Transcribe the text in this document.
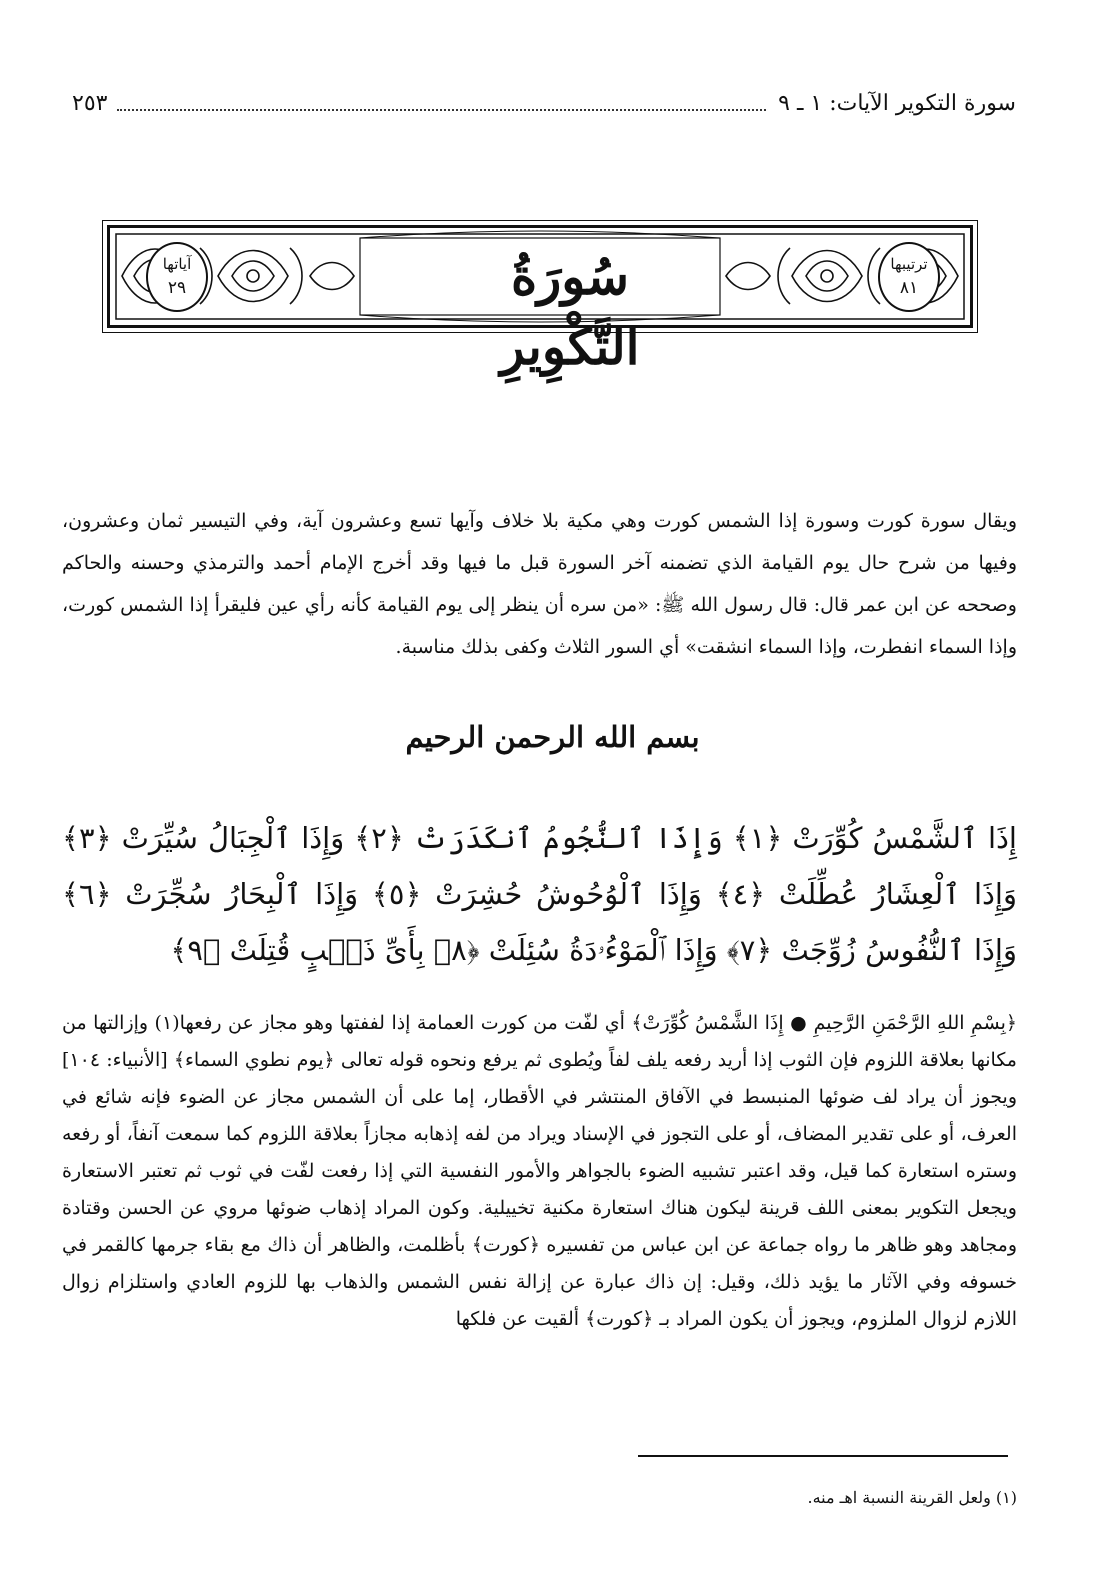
سورة التكوير الآيات: ١ ـ ٩
٢٥٣
سُورَةُ التَّكْوِيرِ
ترتيبها
٨١
آياتها
٢٩

ويقال سورة كورت وسورة إذا الشمس كورت وهي مكية بلا خلاف وآيها تسع وعشرون آية، وفي التيسير ثمان وعشرون، وفيها من شرح حال يوم القيامة الذي تضمنه آخر السورة قبل ما فيها وقد أخرج الإمام أحمد والترمذي وحسنه والحاكم وصححه عن ابن عمر قال: قال رسول الله ﷺ: «من سره أن ينظر إلى يوم القيامة كأنه رأي عين فليقرأ إذا الشمس كورت، وإذا السماء انفطرت، وإذا السماء انشقت» أي السور الثلاث وكفى بذلك مناسبة.

بسم الله الرحمن الرحيم

إِذَا ٱلشَّمْسُ كُوِّرَتْ ﴿١﴾ وَإِذَا ٱلنُّجُومُ ٱنكَدَرَتْ ﴿٢﴾ وَإِذَا ٱلْجِبَالُ سُيِّرَتْ ﴿٣﴾ وَإِذَا ٱلْعِشَارُ عُطِّلَتْ ﴿٤﴾ وَإِذَا ٱلْوُحُوشُ حُشِرَتْ ﴿٥﴾ وَإِذَا ٱلْبِحَارُ سُجِّرَتْ ﴿٦﴾ وَإِذَا ٱلنُّفُوسُ زُوِّجَتْ ﴿٧﴾ وَإِذَا ٱلْمَوْءُۥدَةُ سُئِلَتْ ﴿٨﴾ بِأَىِّ ذَنۢبٍ قُتِلَتْ ﴿٩﴾

﴿بِسْمِ اللهِ الرَّحْمَنِ الرَّحِيمِ ● إِذَا الشَّمْسُ كُوِّرَتْ﴾ أي لفّت من كورت العمامة إذا لففتها وهو مجاز عن رفعها(١) وإزالتها من مكانها بعلاقة اللزوم فإن الثوب إذا أريد رفعه يلف لفاً ويُطوى ثم يرفع ونحوه قوله تعالى ﴿يوم نطوي السماء﴾ [الأنبياء: ١٠٤] ويجوز أن يراد لف ضوئها المنبسط في الآفاق المنتشر في الأقطار، إما على أن الشمس مجاز عن الضوء فإنه شائع في العرف، أو على تقدير المضاف، أو على التجوز في الإسناد ويراد من لفه إذهابه مجازاً بعلاقة اللزوم كما سمعت آنفاً، أو رفعه وستره استعارة كما قيل، وقد اعتبر تشبيه الضوء بالجواهر والأمور النفسية التي إذا رفعت لفّت في ثوب ثم تعتبر الاستعارة ويجعل التكوير بمعنى اللف قرينة ليكون هناك استعارة مكنية تخييلية. وكون المراد إذهاب ضوئها مروي عن الحسن وقتادة ومجاهد وهو ظاهر ما رواه جماعة عن ابن عباس من تفسيره ﴿كورت﴾ بأظلمت، والظاهر أن ذاك مع بقاء جرمها كالقمر في خسوفه وفي الآثار ما يؤيد ذلك، وقيل: إن ذاك عبارة عن إزالة نفس الشمس والذهاب بها للزوم العادي واستلزام زوال اللازم لزوال الملزوم، ويجوز أن يكون المراد بـ ﴿كورت﴾ ألقيت عن فلكها

(١) ولعل القرينة النسبة اهـ منه.
